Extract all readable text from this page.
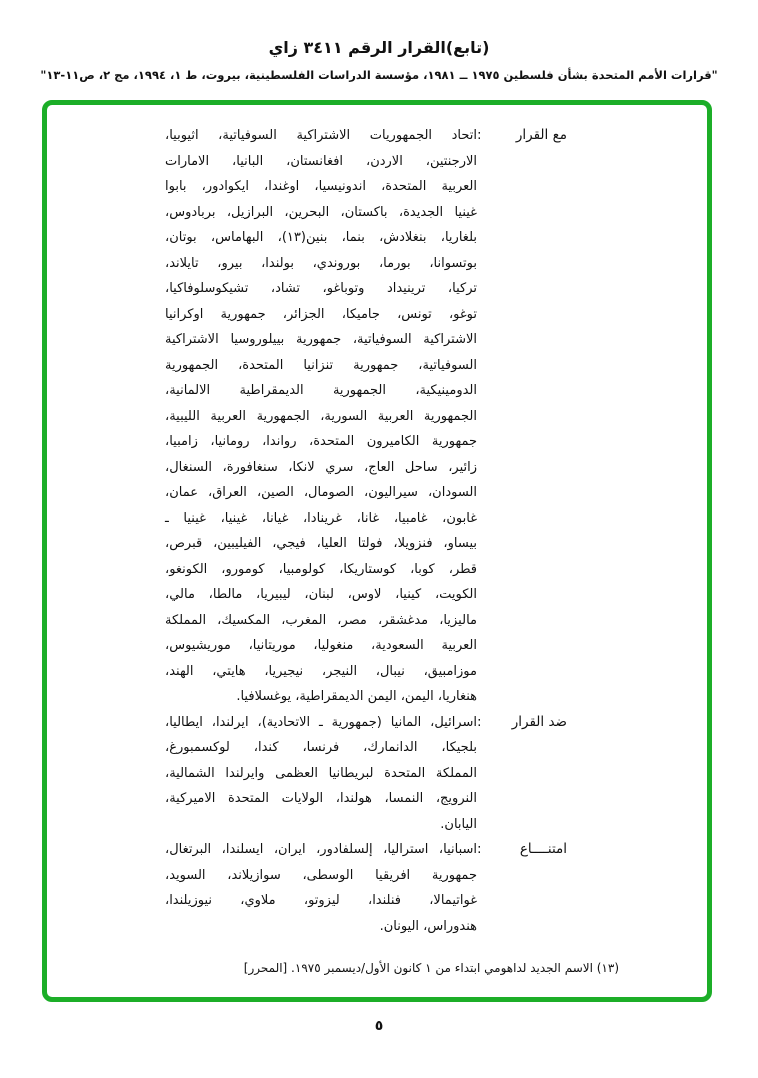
(تابع)القرار الرقم ٣٤١١ زاي
"قرارات الأمم المتحدة بشأن فلسطين ١٩٧٥ ــ ١٩٨١، مؤسسة الدراسات الفلسطينية، بيروت، ط ١، ١٩٩٤، مج ٢، ص١١-١٣"
مع القرار
:
اتحاد الجمهوريات الاشتراكية السوفياتية، اثيوبيا،
الارجنتين، الاردن، افغانستان، البانيا، الامارات
العربية المتحدة، اندونيسيا، اوغندا، ايكوادور، بابوا
غينيا الجديدة، باكستان، البحرين، البرازيل، بربادوس،
بلغاريا، بنغلادش، بنما، بنين(١٣)، البهاماس، بوتان،
بوتسوانا، بورما، بوروندي، بولندا، بيرو، تايلاند،
تركيا، ترينيداد وتوباغو، تشاد، تشيكوسلوفاكيا،
توغو، تونس، جاميكا، الجزائر، جمهورية اوكرانيا
الاشتراكية السوفياتية، جمهورية بييلوروسيا الاشتراكية
السوفياتية، جمهورية تنزانيا المتحدة، الجمهورية
الدومينيكية، الجمهورية الديمقراطية الالمانية،
الجمهورية العربية السورية، الجمهورية العربية الليبية،
جمهورية الكاميرون المتحدة، رواندا، رومانيا، زامبيا،
زائير، ساحل العاج، سري لانكا، سنغافورة، السنغال،
السودان، سيراليون، الصومال، الصين، العراق، عمان،
غابون، غامبيا، غانا، غرينادا، غيانا، غينيا، غينيا ـ
بيساو، فنزويلا، فولتا العليا، فيجي، الفيليبين، قبرص،
قطر، كوبا، كوستاريكا، كولومبيا، كومورو، الكونغو،
الكويت، كينيا، لاوس، لبنان، ليبيريا، مالطا، مالي،
ماليزيا، مدغشقر، مصر، المغرب، المكسيك، المملكة
العربية السعودية، منغوليا، موريتانيا، موريشيوس،
موزامبيق، نيبال، النيجر، نيجيريا، هايتي، الهند،
هنغاريا، اليمن، اليمن الديمقراطية، يوغسلافيا.
ضد القرار
:
اسرائيل، المانيا (جمهورية ـ الاتحادية)، ايرلندا، ايطاليا،
بلجيكا، الدانمارك، فرنسا، كندا، لوكسمبورغ،
المملكة المتحدة لبريطانيا العظمى وايرلندا الشمالية،
النرويج، النمسا، هولندا، الولايات المتحدة الاميركية،
اليابان.
امتنــــاع
:
اسبانيا، استراليا، إلسلفادور، ايران، ايسلندا، البرتغال،
جمهورية افريقيا الوسطى، سوازيلاند، السويد،
غواتيمالا، فنلندا، ليزوتو، ملاوي، نيوزيلندا،
هندوراس، اليونان.
(١٣) الاسم الجديد لداهومي ابتداء من ١ كانون الأول/ديسمبر ١٩٧٥. [المحرر]
٥
